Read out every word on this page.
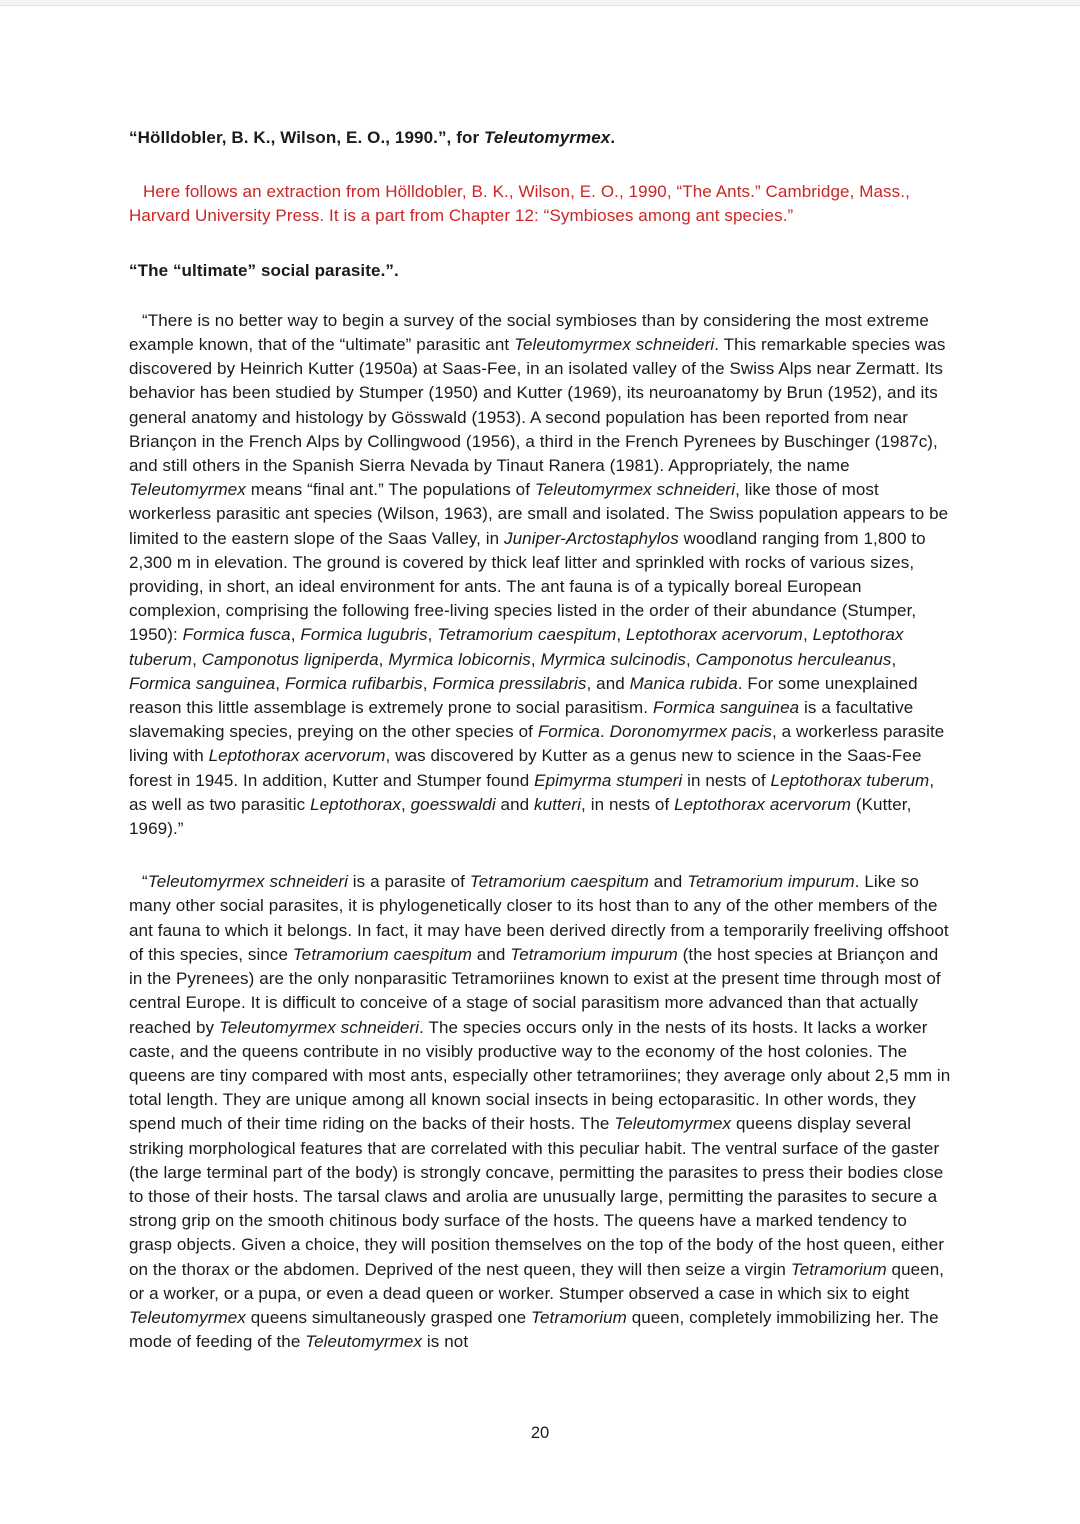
“Hölldobler, B. K., Wilson, E. O., 1990.”, for Teleutomyrmex.

Here follows an extraction from Hölldobler, B. K., Wilson, E. O., 1990, “The Ants.” Cambridge, Mass., Harvard University Press. It is a part from Chapter 12: “Symbioses among ant species.”

“The “ultimate” social parasite.”.

“There is no better way to begin a survey of the social symbioses than by considering the most extreme example known, that of the “ultimate” parasitic ant Teleutomyrmex schneideri. This remarkable species was discovered by Heinrich Kutter (1950a) at Saas-Fee, in an isolated valley of the Swiss Alps near Zermatt. Its behavior has been studied by Stumper (1950) and Kutter (1969), its neuroanatomy by Brun (1952), and its general anatomy and histology by Gösswald (1953). A second population has been reported from near Briançon in the French Alps by Collingwood (1956), a third in the French Pyrenees by Buschinger (1987c), and still others in the Spanish Sierra Nevada by Tinaut Ranera (1981). Appropriately, the name Teleutomyrmex means “final ant.” The populations of Teleutomyrmex schneideri, like those of most workerless parasitic ant species (Wilson, 1963), are small and isolated. The Swiss population appears to be limited to the eastern slope of the Saas Valley, in Juniper-Arctostaphylos woodland ranging from 1,800 to 2,300 m in elevation. The ground is covered by thick leaf litter and sprinkled with rocks of various sizes, providing, in short, an ideal environment for ants. The ant fauna is of a typically boreal European complexion, comprising the following free-living species listed in the order of their abundance (Stumper, 1950): Formica fusca, Formica lugubris, Tetramorium caespitum, Leptothorax acervorum, Leptothorax tuberum, Camponotus ligniperda, Myrmica lobicornis, Myrmica sulcinodis, Camponotus herculeanus, Formica sanguinea, Formica rufibarbis, Formica pressilabris, and Manica rubida. For some unexplained reason this little assemblage is extremely prone to social parasitism. Formica sanguinea is a facultative slavemaking species, preying on the other species of Formica. Doronomyrmex pacis, a workerless parasite living with Leptothorax acervorum, was discovered by Kutter as a genus new to science in the Saas-Fee forest in 1945. In addition, Kutter and Stumper found Epimyrma stumperi in nests of Leptothorax tuberum, as well as two parasitic Leptothorax, goesswaldi and kutteri, in nests of Leptothorax acervorum (Kutter, 1969).”

“Teleutomyrmex schneideri is a parasite of Tetramorium caespitum and Tetramorium impurum. Like so many other social parasites, it is phylogenetically closer to its host than to any of the other members of the ant fauna to which it belongs. In fact, it may have been derived directly from a temporarily freeliving offshoot of this species, since Tetramorium caespitum and Tetramorium impurum (the host species at Briançon and in the Pyrenees) are the only nonparasitic Tetramoriines known to exist at the present time through most of central Europe. It is difficult to conceive of a stage of social parasitism more advanced than that actually reached by Teleutomyrmex schneideri. The species occurs only in the nests of its hosts. It lacks a worker caste, and the queens contribute in no visibly productive way to the economy of the host colonies. The queens are tiny compared with most ants, especially other tetramoriines; they average only about 2,5 mm in total length. They are unique among all known social insects in being ectoparasitic. In other words, they spend much of their time riding on the backs of their hosts. The Teleutomyrmex queens display several striking morphological features that are correlated with this peculiar habit. The ventral surface of the gaster (the large terminal part of the body) is strongly concave, permitting the parasites to press their bodies close to those of their hosts. The tarsal claws and arolia are unusually large, permitting the parasites to secure a strong grip on the smooth chitinous body surface of the hosts. The queens have a marked tendency to grasp objects. Given a choice, they will position themselves on the top of the body of the host queen, either on the thorax or the abdomen. Deprived of the nest queen, they will then seize a virgin Tetramorium queen, or a worker, or a pupa, or even a dead queen or worker. Stumper observed a case in which six to eight Teleutomyrmex queens simultaneously grasped one Tetramorium queen, completely immobilizing her. The mode of feeding of the Teleutomyrmex is not

20
